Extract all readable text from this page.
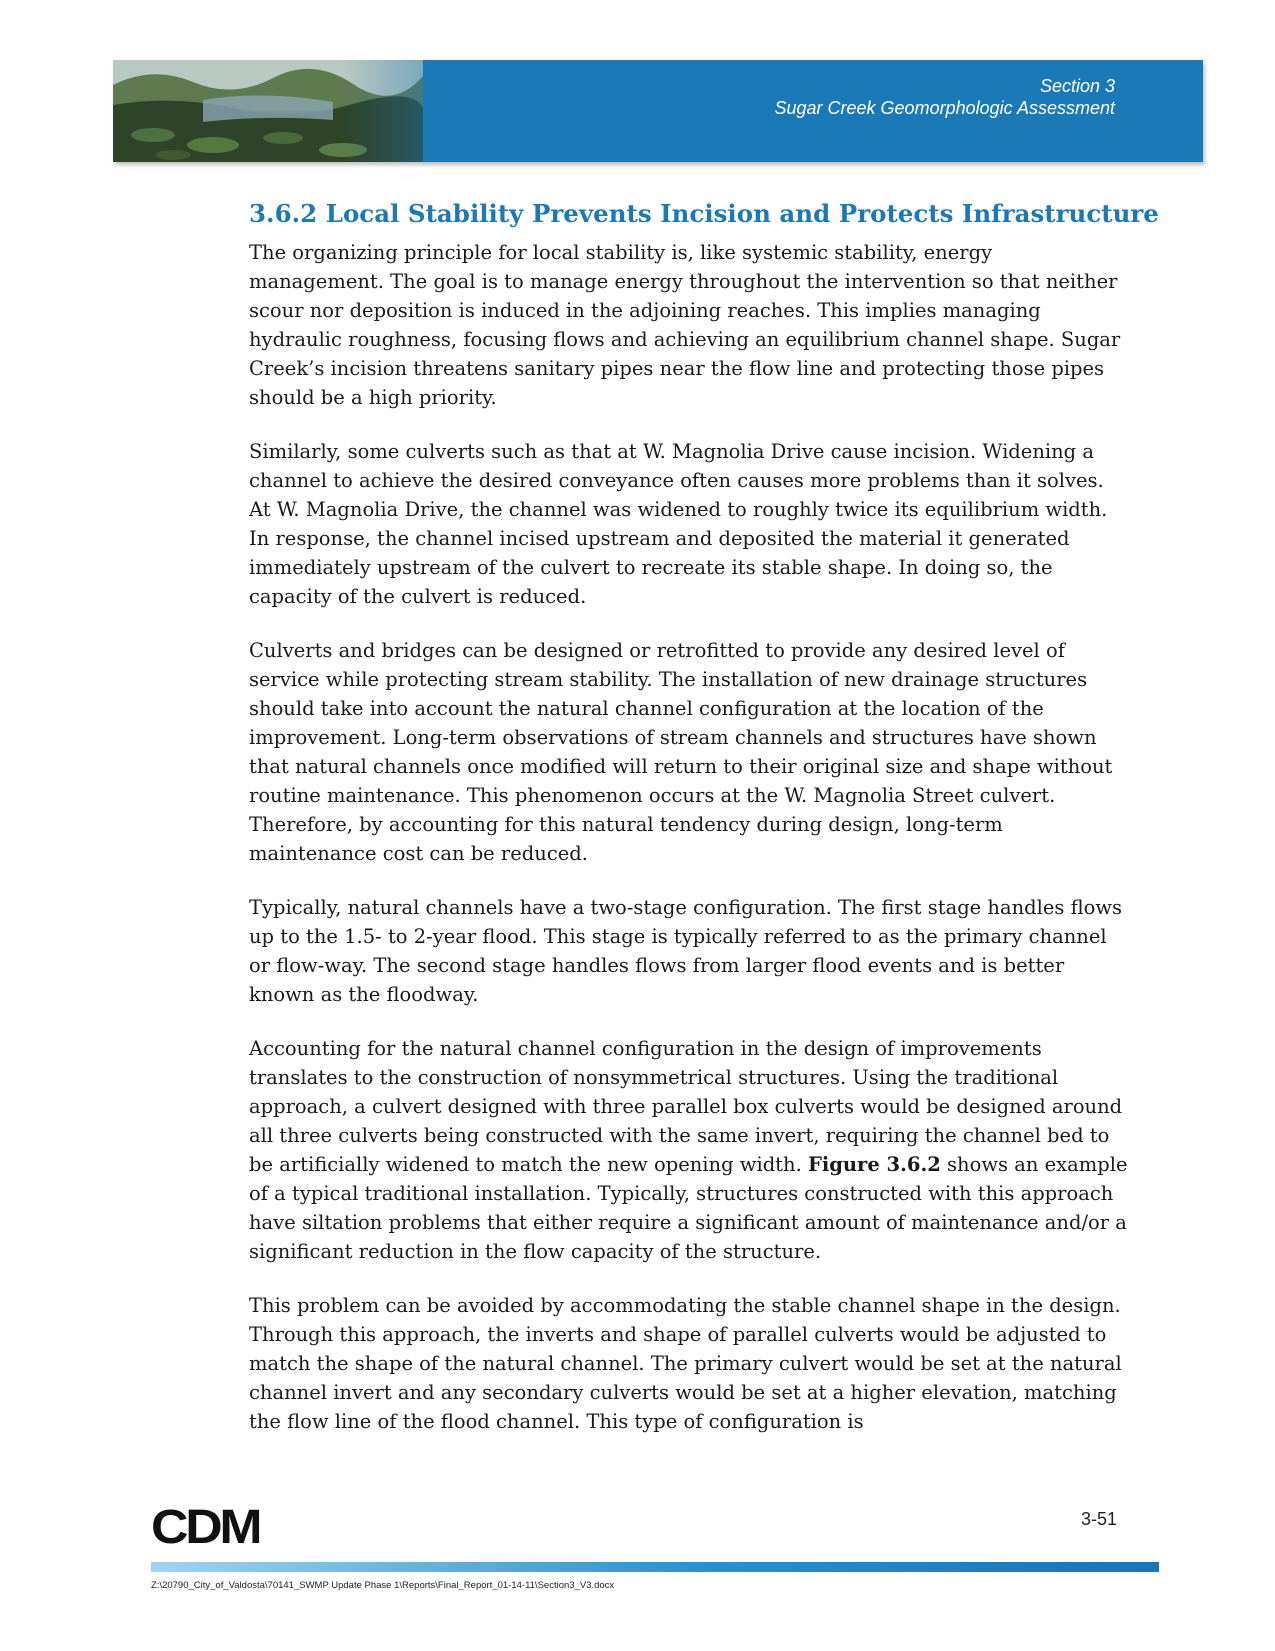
Section 3
Sugar Creek Geomorphologic Assessment
3.6.2 Local Stability Prevents Incision and Protects Infrastructure

The organizing principle for local stability is, like systemic stability, energy management. The goal is to manage energy throughout the intervention so that neither scour nor deposition is induced in the adjoining reaches. This implies managing hydraulic roughness, focusing flows and achieving an equilibrium channel shape. Sugar Creek’s incision threatens sanitary pipes near the flow line and protecting those pipes should be a high priority.

Similarly, some culverts such as that at W. Magnolia Drive cause incision. Widening a channel to achieve the desired conveyance often causes more problems than it solves. At W. Magnolia Drive, the channel was widened to roughly twice its equilibrium width. In response, the channel incised upstream and deposited the material it generated immediately upstream of the culvert to recreate its stable shape. In doing so, the capacity of the culvert is reduced.

Culverts and bridges can be designed or retrofitted to provide any desired level of service while protecting stream stability. The installation of new drainage structures should take into account the natural channel configuration at the location of the improvement. Long-term observations of stream channels and structures have shown that natural channels once modified will return to their original size and shape without routine maintenance. This phenomenon occurs at the W. Magnolia Street culvert. Therefore, by accounting for this natural tendency during design, long-term maintenance cost can be reduced.

Typically, natural channels have a two-stage configuration. The first stage handles flows up to the 1.5- to 2-year flood. This stage is typically referred to as the primary channel or flow-way. The second stage handles flows from larger flood events and is better known as the floodway.

Accounting for the natural channel configuration in the design of improvements translates to the construction of nonsymmetrical structures. Using the traditional approach, a culvert designed with three parallel box culverts would be designed around all three culverts being constructed with the same invert, requiring the channel bed to be artificially widened to match the new opening width. Figure 3.6.2 shows an example of a typical traditional installation. Typically, structures constructed with this approach have siltation problems that either require a significant amount of maintenance and/or a significant reduction in the flow capacity of the structure.

This problem can be avoided by accommodating the stable channel shape in the design. Through this approach, the inverts and shape of parallel culverts would be adjusted to match the shape of the natural channel. The primary culvert would be set at the natural channel invert and any secondary culverts would be set at a higher elevation, matching the flow line of the flood channel. This type of configuration is

CDM	3-51
Z:\20790_City_of_Valdosta\70141_SWMP Update Phase 1\Reports\Final_Report_01-14-11\Section3_V3.docx
